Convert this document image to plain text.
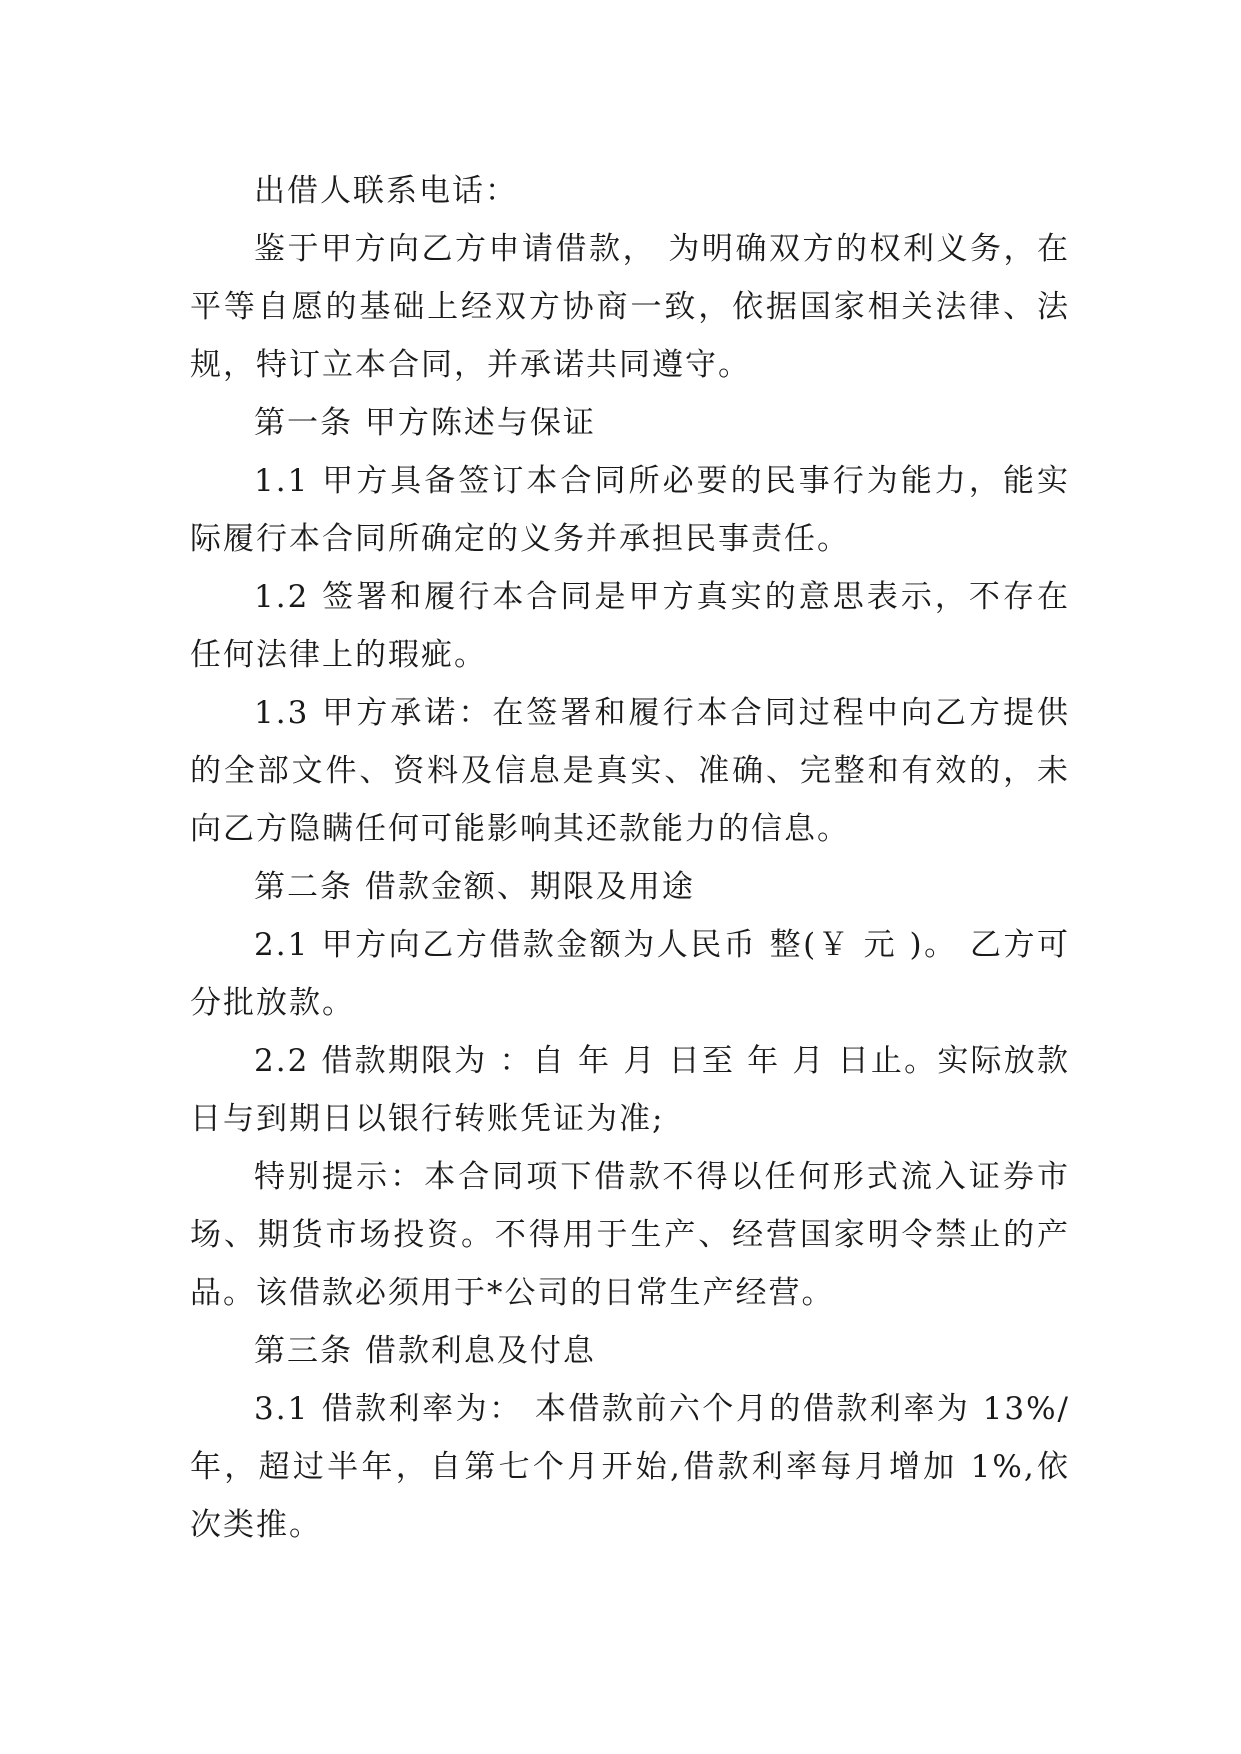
出借人联系电话：

鉴于甲方向乙方申请借款， 为明确双方的权利义务，在平等自愿的基础上经双方协商一致，依据国家相关法律、法规，特订立本合同，并承诺共同遵守。

第一条 甲方陈述与保证

1.1 甲方具备签订本合同所必要的民事行为能力，能实际履行本合同所确定的义务并承担民事责任。

1.2 签署和履行本合同是甲方真实的意思表示，不存在任何法律上的瑕疵。

1.3 甲方承诺：在签署和履行本合同过程中向乙方提供的全部文件、资料及信息是真实、准确、完整和有效的，未向乙方隐瞒任何可能影响其还款能力的信息。

第二条 借款金额、期限及用途

2.1 甲方向乙方借款金额为人民币 整(￥ 元 )。 乙方可分批放款。

2.2 借款期限为 ：自 年 月 日至 年 月 日止。实际放款日与到期日以银行转账凭证为准;

特别提示：本合同项下借款不得以任何形式流入证券市场、期货市场投资。不得用于生产、经营国家明令禁止的产品。该借款必须用于*公司的日常生产经营。

第三条 借款利息及付息

3.1 借款利率为： 本借款前六个月的借款利率为 13%/年，超过半年，自第七个月开始,借款利率每月增加 1%,依次类推。
